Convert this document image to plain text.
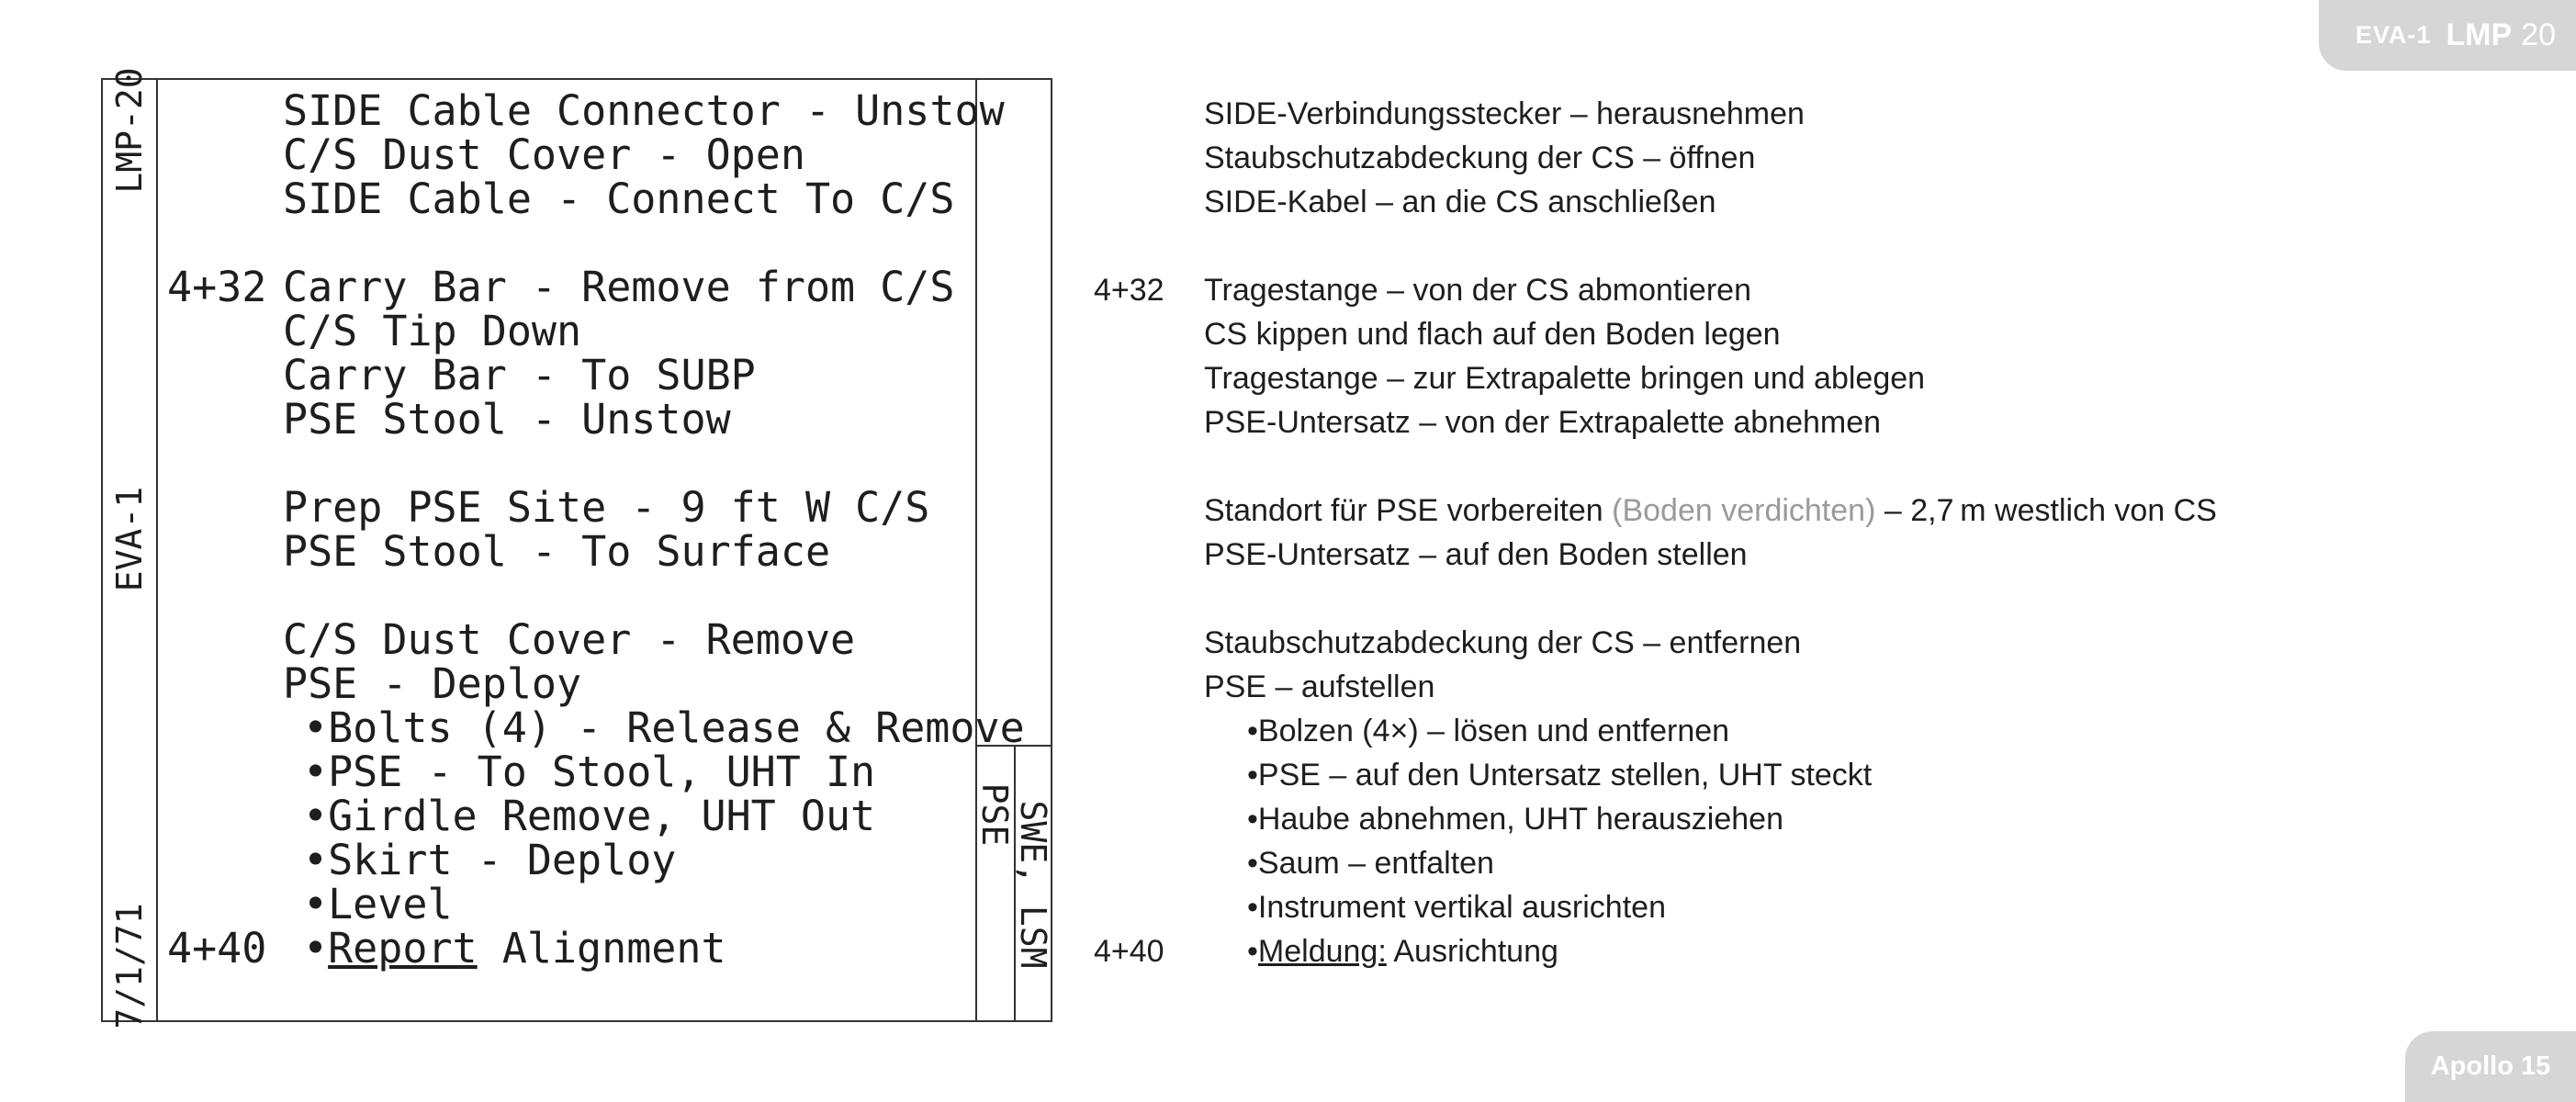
EVA-1 LMP 20
Apollo 15
LMP-20
EVA-1
7/1/71
PSE
SWE, LSM
SIDE Cable Connector - Unstow
C/S Dust Cover - Open
SIDE Cable - Connect To C/S
4+32 Carry Bar - Remove from C/S
C/S Tip Down
Carry Bar - To SUBP
PSE Stool - Unstow
Prep PSE Site - 9 ft W C/S
PSE Stool - To Surface
C/S Dust Cover - Remove
PSE - Deploy
•Bolts (4) - Release & Remove
•PSE - To Stool, UHT In
•Girdle Remove, UHT Out
•Skirt - Deploy
•Level
4+40 •Report Alignment
SIDE-Verbindungsstecker – herausnehmen
Staubschutzabdeckung der CS – öffnen
SIDE-Kabel – an die CS anschließen
4+32 Tragestange – von der CS abmontieren
CS kippen und flach auf den Boden legen
Tragestange – zur Extrapalette bringen und ablegen
PSE-Untersatz – von der Extrapalette abnehmen
Standort für PSE vorbereiten (Boden verdichten) – 2,7 m westlich von CS
PSE-Untersatz – auf den Boden stellen
Staubschutzabdeckung der CS – entfernen
PSE – aufstellen
•Bolzen (4×) – lösen und entfernen
•PSE – auf den Untersatz stellen, UHT steckt
•Haube abnehmen, UHT herausziehen
•Saum – entfalten
•Instrument vertikal ausrichten
4+40	•Meldung: Ausrichtung
